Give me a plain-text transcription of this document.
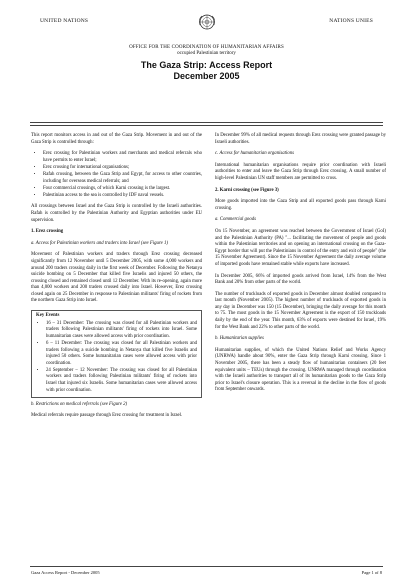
UNITED NATIONS	NATIONS UNIES
OFFICE FOR THE COORDINATION OF HUMANITARIAN AFFAIRS
occupied Palestinian territory
The Gaza Strip: Access Report
December 2005

This report monitors access in and out of the Gaza Strip. Movement in and out of the Gaza Strip is controlled through:

• Erez crossing for Palestinian workers and merchants and medical referrals who have permits to enter Israel;
• Erez crossing for international organisations;
• Rafah crossing, between the Gaza Strip and Egypt, for access to other countries, including for overseas medical referrals; and
• Four commercial crossings, of which Karni crossing is the largest.
• Palestinian access to the sea is controlled by IDF naval vessels.

All crossings between Israel and the Gaza Strip is controlled by the Israeli authorities. Rafah is controlled by the Palestinian Authority and Egyptian authorities under EU supervision.

1. Erez crossing

a. Access for Palestinian workers and traders into Israel (see Figure 1)

Movement of Palestinian workers and traders through Erez crossing decreased significantly from 12 November until 5 December 2005, with some 4,000 workers and around 200 traders crossing daily in the first week of December. Following the Netanya suicide bombing on 5 December that killed five Israelis and injured 50 others, the crossing closed and remained closed until 12 December. With its re-opening, again more than 4,000 workers and 200 traders crossed daily into Israel. However, Erez crossing closed again on 25 December in response to Palestinian militants' firing of rockets from the northern Gaza Strip into Israel.

Key Events
• 16 – 31 December: The crossing was closed for all Palestinian workers and traders following Palestinian militants' firing of rockets into Israel. Some humanitarian cases were allowed access with prior coordination.
• 6 – 11 December: The crossing was closed for all Palestinian workers and traders following a suicide bombing in Netanya that killed five Israelis and injured 50 others. Some humanitarian cases were allowed access with prior coordination.
• 24 September – 12 November: The crossing was closed for all Palestinian workers and traders following Palestinian militants' firing of rockets into Israel that injured six Israelis. Some humanitarian cases were allowed access with prior coordination.

b. Restrictions on medical referrals (see Figure 2)

Medical referrals require passage through Erez crossing for treatment in Israel.

In December 99% of all medical requests through Erez crossing were granted passage by Israeli authorities.

c. Access for humanitarian organisations

International humanitarian organisations require prior coordination with Israeli authorities to enter and leave the Gaza Strip through Erez crossing. A small number of high-level Palestinian UN staff members are permitted to cross.

2. Karni crossing (see Figure 3)

More goods imported into the Gaza Strip and all exported goods pass through Karni crossing.

a. Commercial goods

On 15 November, an agreement was reached between the Government of Israel (GoI) and the Palestinian Authority (PA) "... facilitating the movement of people and goods within the Palestinian territories and on opening an international crossing on the Gaza-Egypt border that will put the Palestinians in control of the entry and exit of people" (the 15 November Agreement). Since the 15 November Agreement the daily average volume of imported goods have remained stable while exports have increased.

In December 2005, 66% of imported goods arrived from Israel, 14% from the West Bank and 20% from other parts of the world.

The number of truckloads of exported goods in December almost doubled compared to last month (November 2005). The highest number of truckloads of exported goods in any day in December was 150 (15 December), bringing the daily average for this month to 75. The most goods in the 15 November Agreement is the export of 150 truckloads daily by the end of the year. This month, 63% of exports were destined for Israel, 19% for the West Bank and 22% to other parts of the world.

b. Humanitarian supplies

Humanitarian supplies, of which the United Nations Relief and Works Agency (UNRWA) handle about 90%, enter the Gaza Strip through Karni crossing. Since 1 November 2005, there has been a steady flow of humanitarian containers (20 feet equivalent units – TEUs) through the crossing. UNRWA managed through coordination with the Israeli authorities to transport all of its humanitarian goods to the Gaza Strip prior to Israel's closure operation. This is a reversal in the decline in the flow of goods from September onwards.

Gaza Access Report - December 2005	Page 1 of 8
